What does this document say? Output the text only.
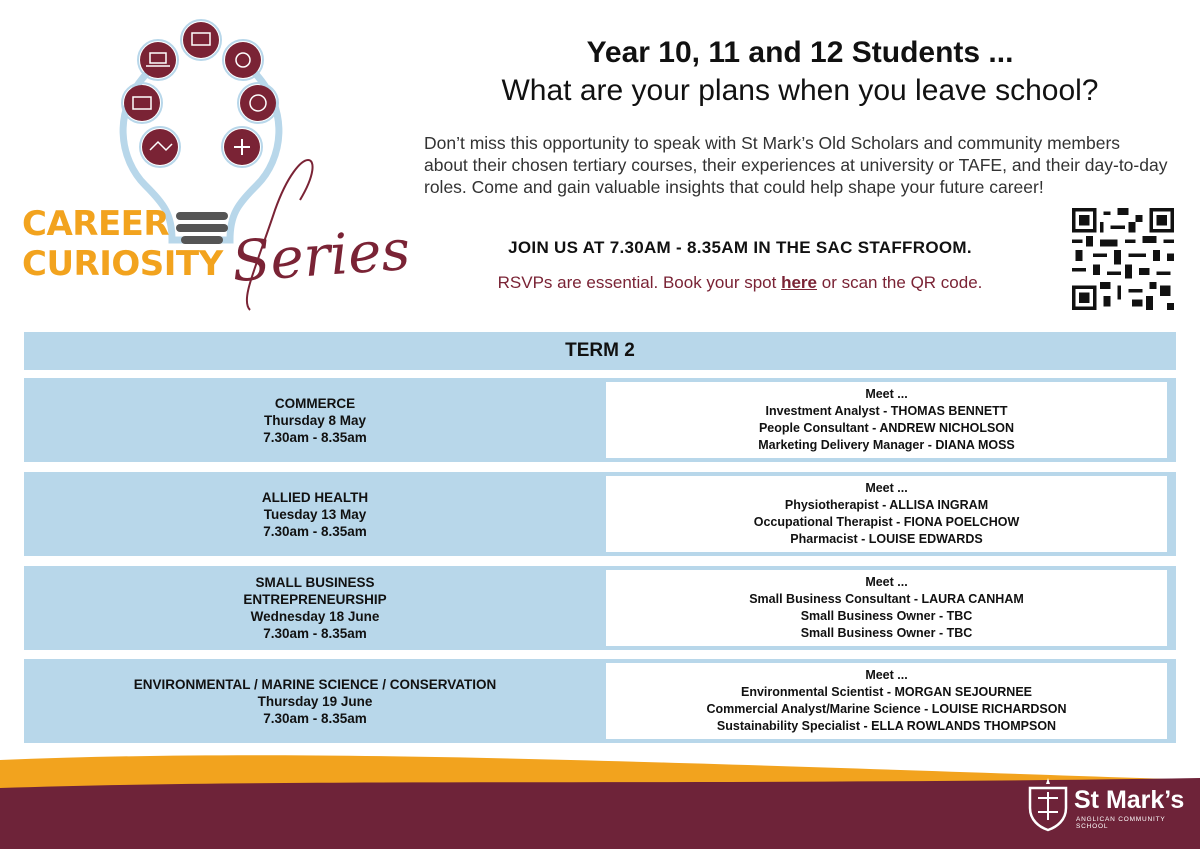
CAREER
CURIOSITY Series
Year 10, 11 and 12 Students ...
What are your plans when you leave school?
Don’t miss this opportunity to speak with St Mark’s Old Scholars and community members about their chosen tertiary courses, their experiences at university or TAFE, and their day-to-day roles. Come and gain valuable insights that could help shape your future career!
JOIN US AT 7.30AM - 8.35AM IN THE SAC STAFFROOM.
RSVPs are essential. Book your spot here or scan the QR code.
TERM 2
COMMERCE
Thursday 8 May
7.30am - 8.35am
Meet ...
Investment Analyst - THOMAS BENNETT
People Consultant - ANDREW NICHOLSON
Marketing Delivery Manager - DIANA MOSS
ALLIED HEALTH
Tuesday 13 May
7.30am - 8.35am
Meet ...
Physiotherapist - ALLISA INGRAM
Occupational Therapist - FIONA POELCHOW
Pharmacist - LOUISE EDWARDS
SMALL BUSINESS ENTREPRENEURSHIP
Wednesday 18 June
7.30am - 8.35am
Meet ...
Small Business Consultant - LAURA CANHAM
Small Business Owner - TBC
Small Business Owner - TBC
ENVIRONMENTAL / MARINE SCIENCE / CONSERVATION
Thursday 19 June
7.30am - 8.35am
Meet ...
Environmental Scientist - MORGAN SEJOURNEE
Commercial Analyst/Marine Science - LOUISE RICHARDSON
Sustainability Specialist - ELLA ROWLANDS THOMPSON
St Mark’s
ANGLICAN COMMUNITY SCHOOL
